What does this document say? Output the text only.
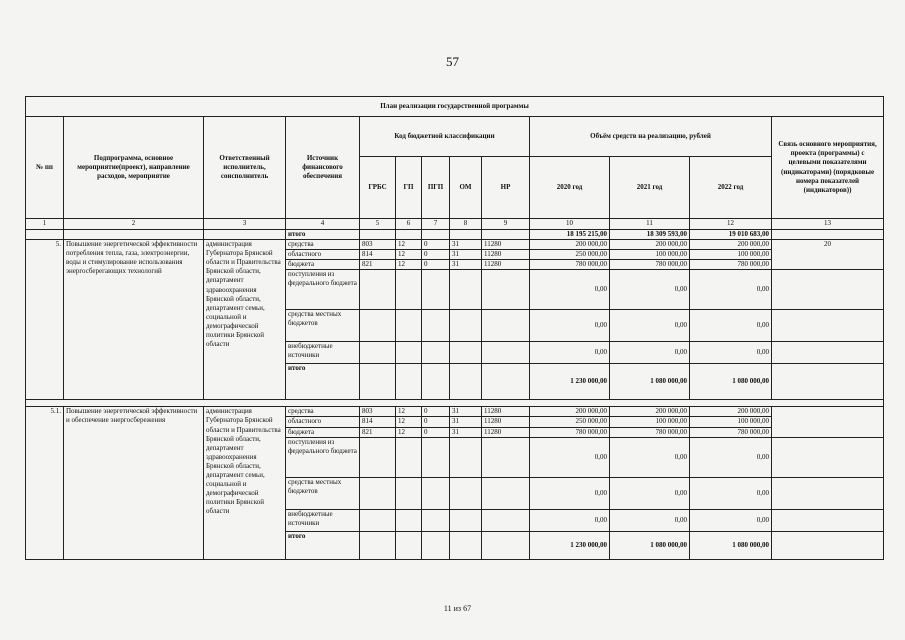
57
План реализации государственной программы												
№ пп	Подпрограмма, основное мероприятие(проект), направление расходов, мероприятие	Ответственный исполнитель, соисполнитель	Источник финансового обеспечения	Код бюджетной классификации					Объём средств на реализацию, рублей			Связь основного мероприятия, проекта (программы) с целевыми показателями (индикаторами) (порядковые номера показателей (индикаторов))
				ГРБС	ГП	ПГП	ОМ	НР	2020 год	2021 год	2022 год	
1	2	3	4	5	6	7	8	9	10	11	12	13
			итого						18 195 215,00	18 309 593,00	19 010 683,00	
5.	Повышение энергетической эффективности потребления тепла, газа, электроэнергии, воды и стимулирование использования энергосберегающих технологий	администрация Губернатора Брянской области и Правительства Брянской области, департамент здравоохранения Брянской области, департамент семьи, социальной и демографической политики Брянской области	средства	803	12	0	31	11280	200 000,00	200 000,00	200 000,00	20
			областного	814	12	0	31	11280	250 000,00	100 000,00	100 000,00	
			бюджета	821	12	0	31	11280	780 000,00	780 000,00	780 000,00	
			поступления из федерального бюджета						0,00	0,00	0,00	
			средства местных бюджетов						0,00	0,00	0,00	
			внебюджетные источники						0,00	0,00	0,00	
			итого						1 230 000,00	1 080 000,00	1 080 000,00	

5.1.	Повышение энергетической эффективности и обеспечение энергосбережения	администрация Губернатора Брянской области и Правительства Брянской области, департамент здравоохранения Брянской области, департамент семьи, социальной и демографической политики Брянской области	средства	803	12	0	31	11280	200 000,00	200 000,00	200 000,00	
			областного	814	12	0	31	11280	250 000,00	100 000,00	100 000,00	
			бюджета	821	12	0	31	11280	780 000,00	780 000,00	780 000,00	
			поступления из федерального бюджета						0,00	0,00	0,00	
			средства местных бюджетов						0,00	0,00	0,00	
			внебюджетные источники						0,00	0,00	0,00	
			итого						1 230 000,00	1 080 000,00	1 080 000,00	
11 из 67
